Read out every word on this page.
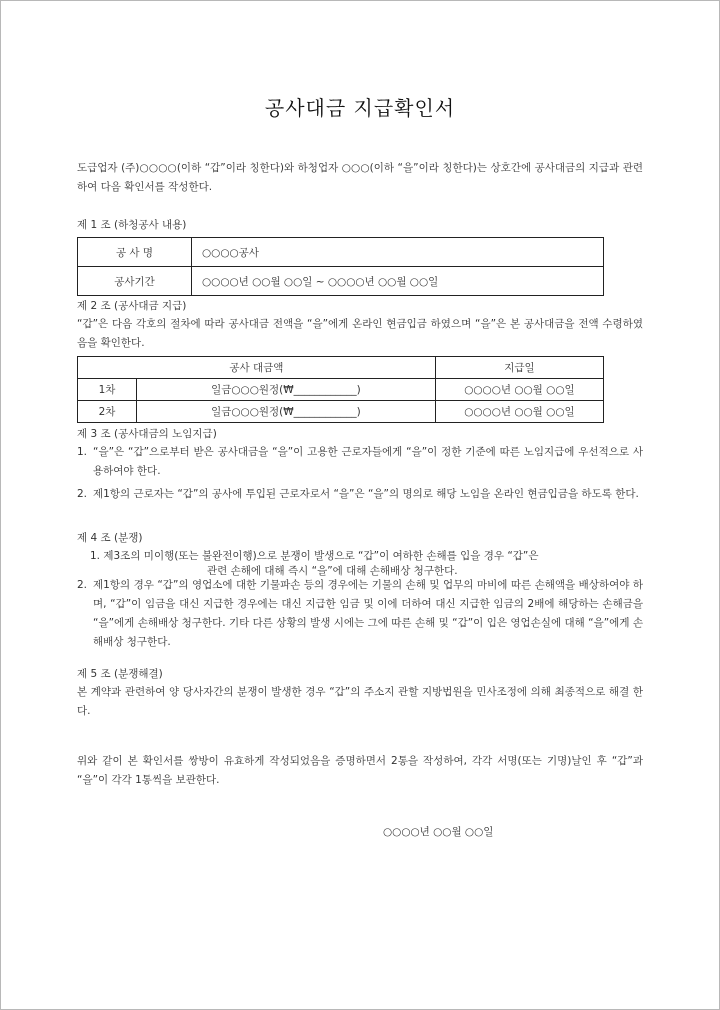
공사대금 지급확인서
도급업자 (주)○○○○(이하 “갑”이라 칭한다)와 하청업자 ○○○(이하 “을”이라 칭한다)는 상호간에 공사대금의 지급과 관련하여 다음 확인서를 작성한다.
제 1 조 (하청공사 내용)
공 사 명	○○○○공사
공사기간	○○○○년 ○○월 ○○일 ~ ○○○○년 ○○월 ○○일
제 2 조 (공사대금 지급)
“갑”은 다음 각호의 절차에 따라 공사대금 전액을 “을”에게 온라인 현금입금 하였으며 “을”은 본 공사대금을 전액 수령하였음을 확인한다.
공사 대금액		지급일
1차	일금○○○원정(₩____________)	○○○○년 ○○월 ○○일
2차	일금○○○원정(₩____________)	○○○○년 ○○월 ○○일
제 3 조 (공사대금의 노임지급)
1. “을”은 “갑”으로부터 받은 공사대금을 “을”이 고용한 근로자들에게 “을”이 정한 기준에 따른 노임지급에 우선적으로 사용하여야 한다.
2. 제1항의 근로자는 “갑”의 공사에 투입된 근로자로서 “을”은 “을”의 명의로 해당 노임을 온라인 현금입금을 하도록 한다.
제 4 조 (분쟁)
1. 제3조의 미이행(또는 불완전이행)으로 분쟁이 발생으로 “갑”이 여하한 손해를 입을 경우 “갑”은
관련 손해에 대해 즉시 “을”에 대해 손해배상 청구한다.
2. 제1항의 경우 “갑”의 영업소에 대한 기물파손 등의 경우에는 기물의 손해 및 업무의 마비에 따른 손해액을 배상하여야 하며, “갑”이 임금을 대신 지급한 경우에는 대신 지급한 임금 및 이에 더하여 대신 지급한 임금의 2배에 해당하는 손해금을 “을”에게 손해배상 청구한다. 기타 다른 상황의 발생 시에는 그에 따른 손해 및 “갑”이 입은 영업손실에 대해 “을”에게 손해배상 청구한다.
제 5 조 (분쟁해결)
본 계약과 관련하여 양 당사자간의 분쟁이 발생한 경우 “갑”의 주소지 관할 지방법원을 민사조정에 의해 최종적으로 해결 한다.
위와 같이 본 확인서를 쌍방이 유효하게 작성되었음을 증명하면서 2통을 작성하여, 각각 서명(또는 기명)날인 후 “갑”과 “을”이 각각 1통씩을 보관한다.
○○○○년 ○○월 ○○일
